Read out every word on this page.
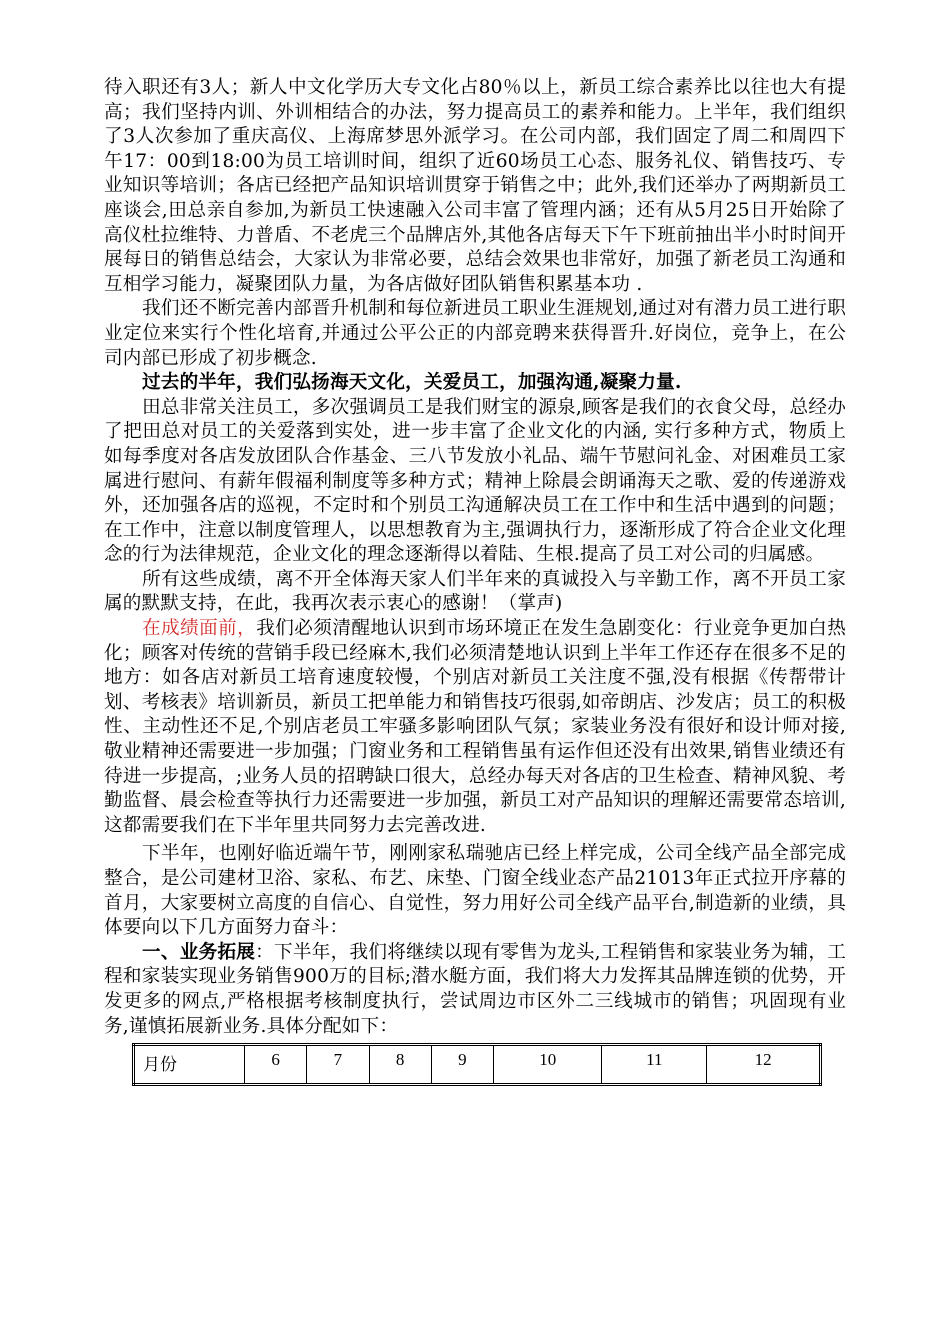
待入职还有3人；新人中文化学历大专文化占80％以上，新员工综合素养比以往也大有提高；我们坚持内训、外训相结合的办法，努力提高员工的素养和能力。上半年，我们组织了3人次参加了重庆高仪、上海席梦思外派学习。在公司内部，我们固定了周二和周四下午17：00到18:00为员工培训时间，组织了近60场员工心态、服务礼仪、销售技巧、专业知识等培训；各店已经把产品知识培训贯穿于销售之中；此外,我们还举办了两期新员工座谈会,田总亲自参加,为新员工快速融入公司丰富了管理内涵；还有从5月25日开始除了高仪杜拉维特、力普盾、不老虎三个品牌店外,其他各店每天下午下班前抽出半小时时间开展每日的销售总结会，大家认为非常必要，总结会效果也非常好，加强了新老员工沟通和互相学习能力，凝聚团队力量，为各店做好团队销售积累基本功 .

我们还不断完善内部晋升机制和每位新进员工职业生涯规划,通过对有潜力员工进行职业定位来实行个性化培育,并通过公平公正的内部竞聘来获得晋升.好岗位，竞争上，在公司内部已形成了初步概念.

过去的半年，我们弘扬海天文化，关爱员工，加强沟通,凝聚力量.

田总非常关注员工，多次强调员工是我们财宝的源泉,顾客是我们的衣食父母，总经办了把田总对员工的关爱落到实处，进一步丰富了企业文化的内涵, 实行多种方式，物质上如每季度对各店发放团队合作基金、三八节发放小礼品、端午节慰问礼金、对困难员工家属进行慰问、有薪年假福利制度等多种方式；精神上除晨会朗诵海天之歌、爱的传递游戏外，还加强各店的巡视，不定时和个别员工沟通解决员工在工作中和生活中遇到的问题；在工作中，注意以制度管理人，以思想教育为主,强调执行力，逐渐形成了符合企业文化理念的行为法律规范，企业文化的理念逐渐得以着陆、生根.提高了员工对公司的归属感。

所有这些成绩，离不开全体海天家人们半年来的真诚投入与辛勤工作，离不开员工家属的默默支持，在此，我再次表示衷心的感谢！（掌声)

在成绩面前，我们必须清醒地认识到市场环境正在发生急剧变化：行业竞争更加白热化；顾客对传统的营销手段已经麻木,我们必须清楚地认识到上半年工作还存在很多不足的地方：如各店对新员工培育速度较慢，个别店对新员工关注度不强,没有根据《传帮带计划、考核表》培训新员，新员工把单能力和销售技巧很弱,如帝朗店、沙发店；员工的积极性、主动性还不足,个别店老员工牢骚多影响团队气氛；家装业务没有很好和设计师对接,敬业精神还需要进一步加强；门窗业务和工程销售虽有运作但还没有出效果,销售业绩还有待进一步提高，;业务人员的招聘缺口很大，总经办每天对各店的卫生检查、精神风貌、考勤监督、晨会检查等执行力还需要进一步加强，新员工对产品知识的理解还需要常态培训,这都需要我们在下半年里共同努力去完善改进.

下半年，也刚好临近端午节，刚刚家私瑞驰店已经上样完成，公司全线产品全部完成整合，是公司建材卫浴、家私、布艺、床垫、门窗全线业态产品21013年正式拉开序幕的首月，大家要树立高度的自信心、自觉性，努力用好公司全线产品平台,制造新的业绩，具体要向以下几方面努力奋斗：

一、业务拓展：下半年，我们将继续以现有零售为龙头,工程销售和家装业务为辅，工程和家装实现业务销售900万的目标;潜水艇方面，我们将大力发挥其品牌连锁的优势，开发更多的网点,严格根据考核制度执行，尝试周边市区外二三线城市的销售；巩固现有业务,谨慎拓展新业务.具体分配如下：

月份	6	7	8	9	10	11	12
